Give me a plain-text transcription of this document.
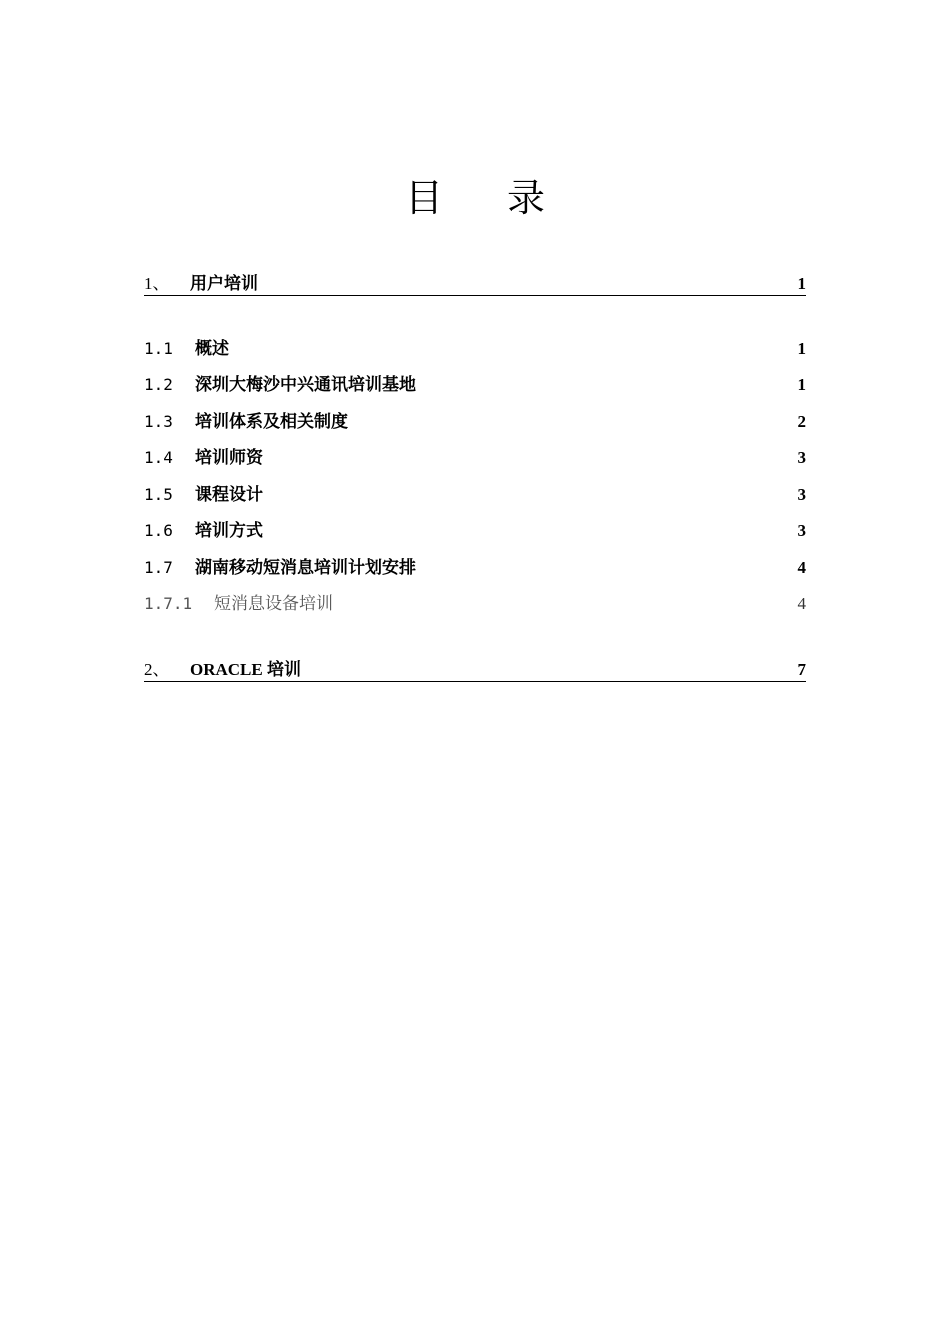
目 录
1、 用户培训	1
1.1 概述	1
1.2 深圳大梅沙中兴通讯培训基地	1
1.3 培训体系及相关制度	2
1.4 培训师资	3
1.5 课程设计	3
1.6 培训方式	3
1.7 湖南移动短消息培训计划安排	4
1.7.1 短消息设备培训	4
2、 ORACLE 培训	7
